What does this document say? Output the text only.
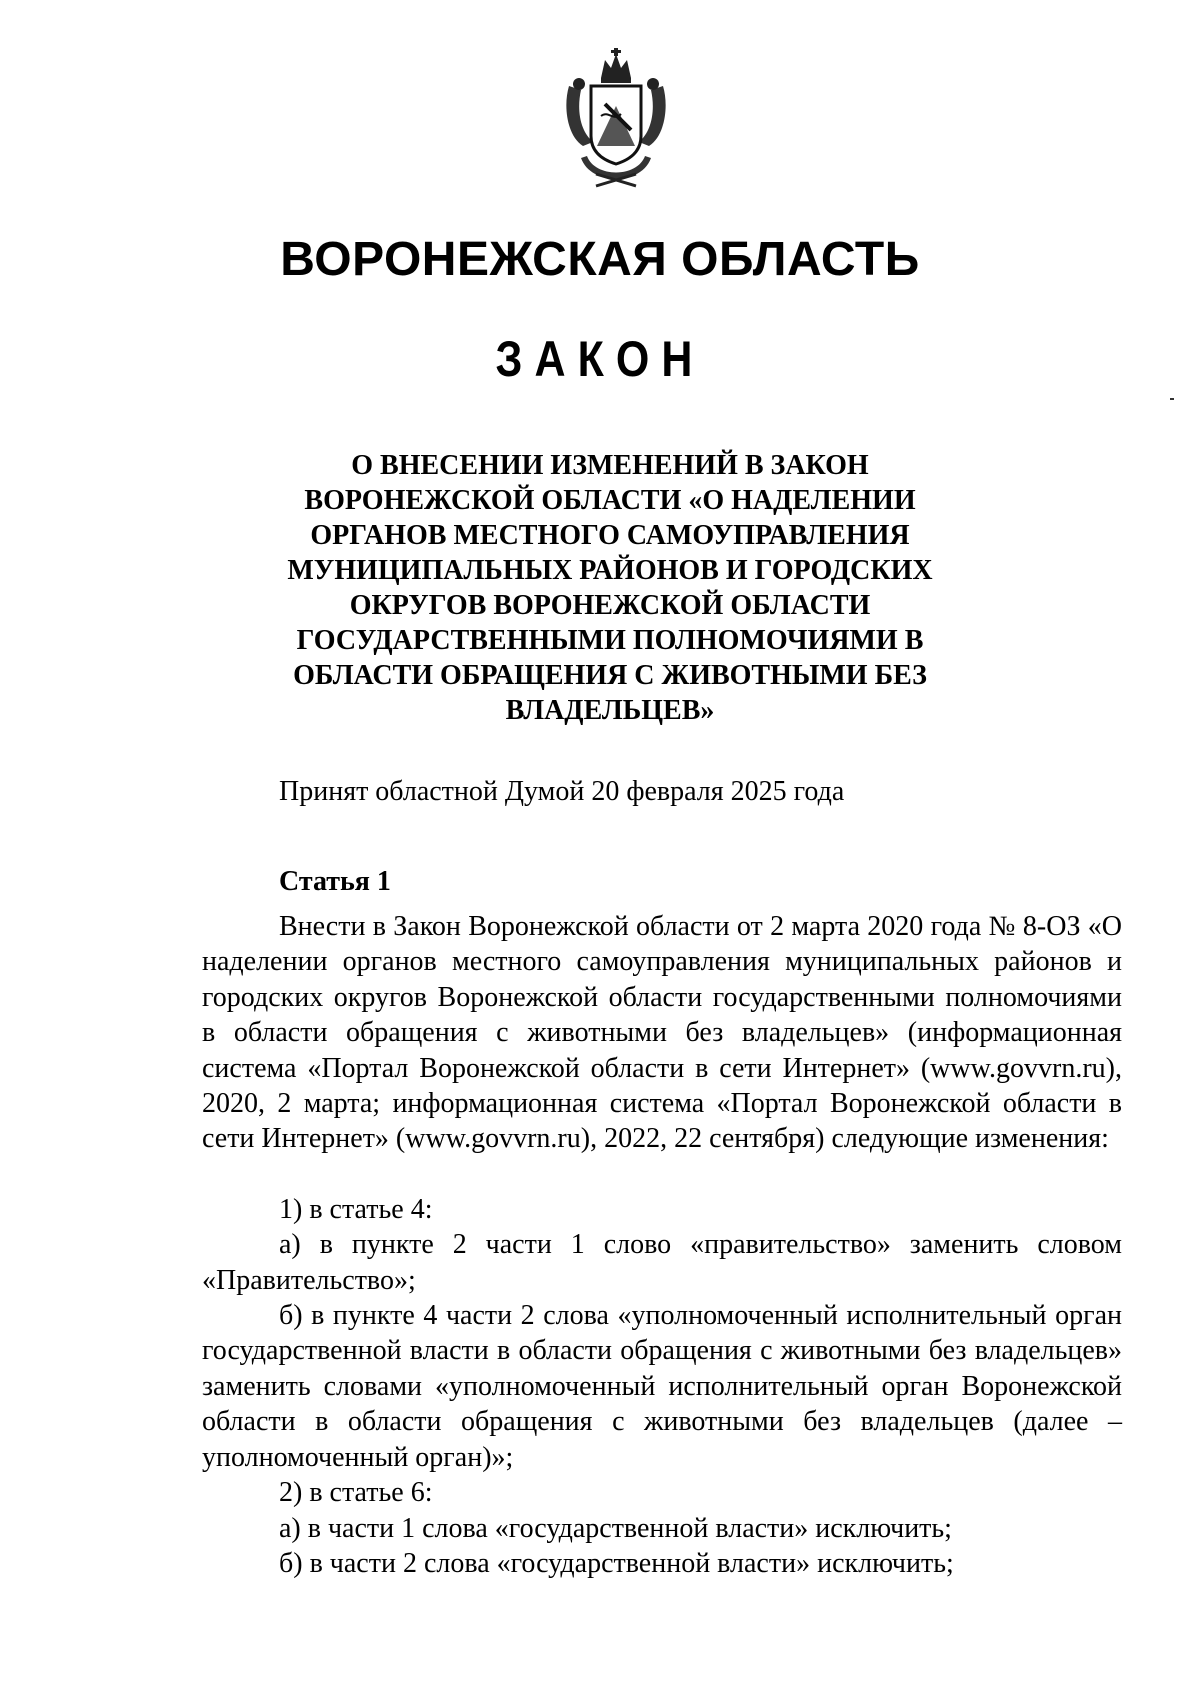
ВОРОНЕЖСКАЯ ОБЛАСТЬ
ЗАКОН
О ВНЕСЕНИИ ИЗМЕНЕНИЙ В ЗАКОН
ВОРОНЕЖСКОЙ ОБЛАСТИ «О НАДЕЛЕНИИ
ОРГАНОВ МЕСТНОГО САМОУПРАВЛЕНИЯ
МУНИЦИПАЛЬНЫХ РАЙОНОВ И ГОРОДСКИХ
ОКРУГОВ ВОРОНЕЖСКОЙ ОБЛАСТИ
ГОСУДАРСТВЕННЫМИ ПОЛНОМОЧИЯМИ В
ОБЛАСТИ ОБРАЩЕНИЯ С ЖИВОТНЫМИ БЕЗ
ВЛАДЕЛЬЦЕВ»
Принят областной Думой 20 февраля 2025 года
Статья 1

Внести в Закон Воронежской области от 2 марта 2020 года № 8-ОЗ «О наделении органов местного самоуправления муниципальных районов и городских округов Воронежской области государственными полномочиями в области обращения с животными без владельцев» (информационная система «Портал Воронежской области в сети Интернет» (www.govvrn.ru), 2020, 2 марта; информационная система «Портал Воронежской области в сети Интернет» (www.govvrn.ru), 2022, 22 сентября) следующие изменения:

1) в статье 4:

а) в пункте 2 части 1 слово «правительство» заменить словом «Правительство»;

б) в пункте 4 части 2 слова «уполномоченный исполнительный орган государственной власти в области обращения с животными без владельцев» заменить словами «уполномоченный исполнительный орган Воронежской области в области обращения с животными без владельцев (далее – уполномоченный орган)»;

2) в статье 6:

а) в части 1 слова «государственной власти» исключить;

б) в части 2 слова «государственной власти» исключить;
